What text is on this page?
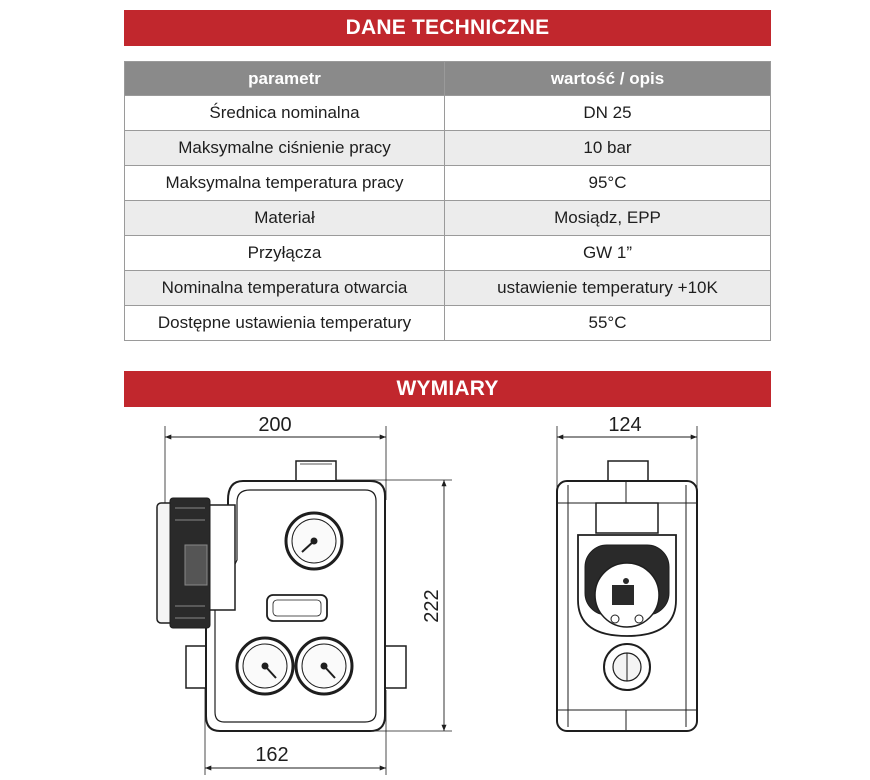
DANE TECHNICZNE
parametr	wartość / opis
Średnica nominalna	DN 25
Maksymalne ciśnienie pracy	10 bar
Maksymalna temperatura pracy	95°C
Materiał	Mosiądz, EPP
Przyłącza	GW 1”
Nominalna temperatura otwarcia	ustawienie temperatury +10K
Dostępne ustawienia temperatury	55°C
WYMIARY
200
222
162
124
